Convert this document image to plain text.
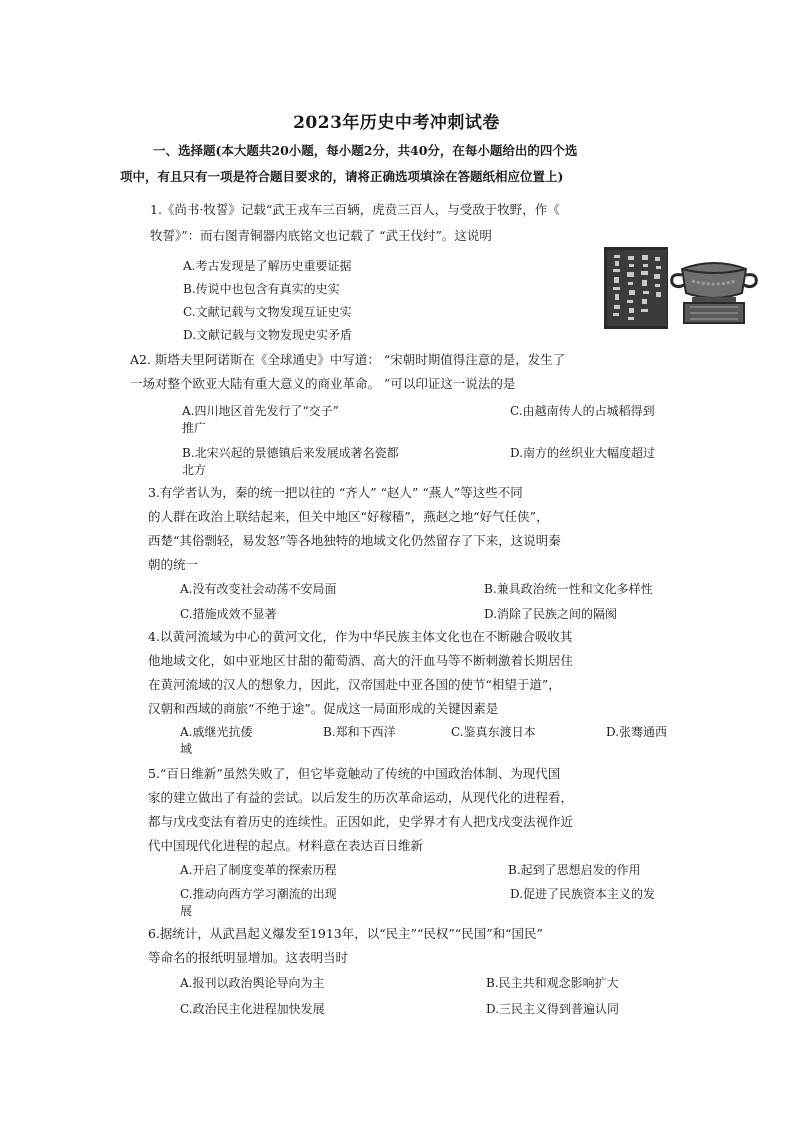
2023年历史中考冲刺试卷
一、选择题(本大题共20小题，每小题2分，共40分，在每小题给出的四个选
项中，有且只有一项是符合题目要求的，请将正确选项填涂在答题纸相应位置上)
1.《尚书·牧誓》记载“武王戎车三百辆，虎贲三百人，与受敌于牧野，作《
牧誓》”：而右图青铜器内底铭文也记载了 “武王伐纣”。这说明
A.考古发现是了解历史重要证据
B.传说中也包含有真实的史实
C.文献记载与文物发现互证史实
D.文献记载与文物发现史实矛盾
A2. 斯塔夫里阿诺斯在《全球通史》中写道： “宋朝时期值得注意的是，发生了
一场对整个欧亚大陆有重大意义的商业革命。 ”可以印证这一说法的是
A.四川地区首先发行了“交子”	C.由越南传人的占城稻得到
推广
B.北宋兴起的景德镇后来发展成著名瓷都	D.南方的丝织业大幅度超过
北方
3.有学者认为，秦的统一把以往的 “齐人” “赵人” “燕人”等这些不同
的人群在政治上联结起来，但关中地区“好稼穑”，燕赵之地“好气任侠”，
西楚“其俗剽轻，易发怒”等各地独特的地域文化仍然留存了下来，这说明秦
朝的统一
A.没有改变社会动荡不安局面	B.兼具政治统一性和文化多样性
C.措施成效不显著	D.消除了民族之间的隔阂
4.以黄河流域为中心的黄河文化，作为中华民族主体文化也在不断融合吸收其
他地域文化，如中亚地区甘甜的葡萄酒、高大的汗血马等不断刺激着长期居住
在黄河流域的汉人的想象力，因此，汉帝国赴中亚各国的使节“相望于道”，
汉朝和西域的商旅“不绝于途”。促成这一局面形成的关键因素是
A.戚继光抗倭	B.郑和下西洋	C.鉴真东渡日本	D.张骞通西
域
5.“百日维新”虽然失败了，但它毕竟触动了传统的中国政治体制、为现代国
家的建立做出了有益的尝试。以后发生的历次革命运动，从现代化的进程看，
都与戊戌变法有着历史的连续性。正因如此，史学界才有人把戊戌变法视作近
代中国现代化进程的起点。材料意在表达百日维新
A.开启了制度变革的探索历程	B.起到了思想启发的作用
C.推动向西方学习潮流的出现	D.促进了民族资本主义的发
展
6.据统计，从武昌起义爆发至1913年，以“民主”“民权”“民国”和“国民”
等命名的报纸明显增加。这表明当时
A.报刊以政治舆论导向为主	B.民主共和观念影响扩大
C.政治民主化进程加快发展	D.三民主义得到普遍认同
